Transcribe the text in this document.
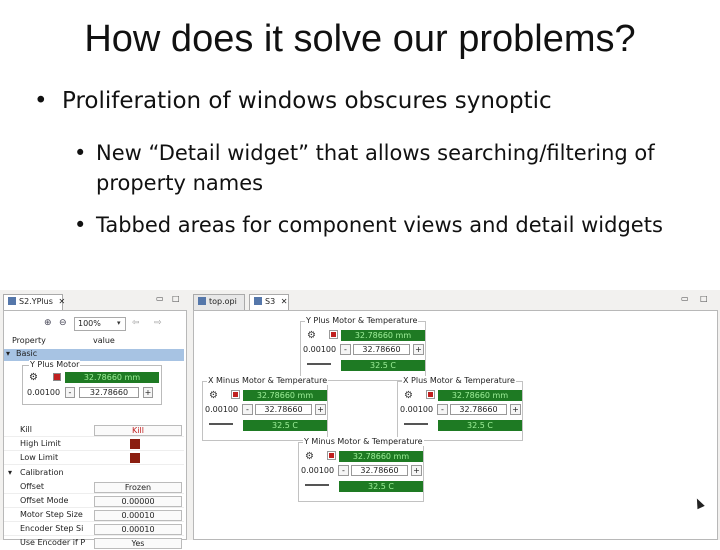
How does it solve our problems?
• Proliferation of windows obscures synoptic
• New “Detail widget” that allows searching/filtering of property names
• Tabbed areas for component views and detail widgets
S2.YPlus ✕	▭ □	top.opi	S3 ✕	▭ □
⊕ ⊖	100%	▾ ⇦ ⇨
Property	value
▾ Basic
Y Plus Motor
⚙	32.78660 mm
0.00100	-	32.78660	+
Kill	Kill
High Limit
Low Limit
▾ Calibration
Offset	Frozen
Offset Mode	0.00000
Motor Step Size	0.00010
Encoder Step Si	0.00010
Use Encoder if P	Yes
Y Plus Motor & Temperature
⚙	32.78660 mm
0.00100 -	32.78660	+
32.5 C
X Minus Motor & Temperature
⚙	32.78660 mm
0.00100 -	32.78660	+
32.5 C
X Plus Motor & Temperature
⚙	32.78660 mm
0.00100 -	32.78660	+
32.5 C
Y Minus Motor & Temperature
⚙	32.78660 mm
0.00100 -	32.78660	+
32.5 C
